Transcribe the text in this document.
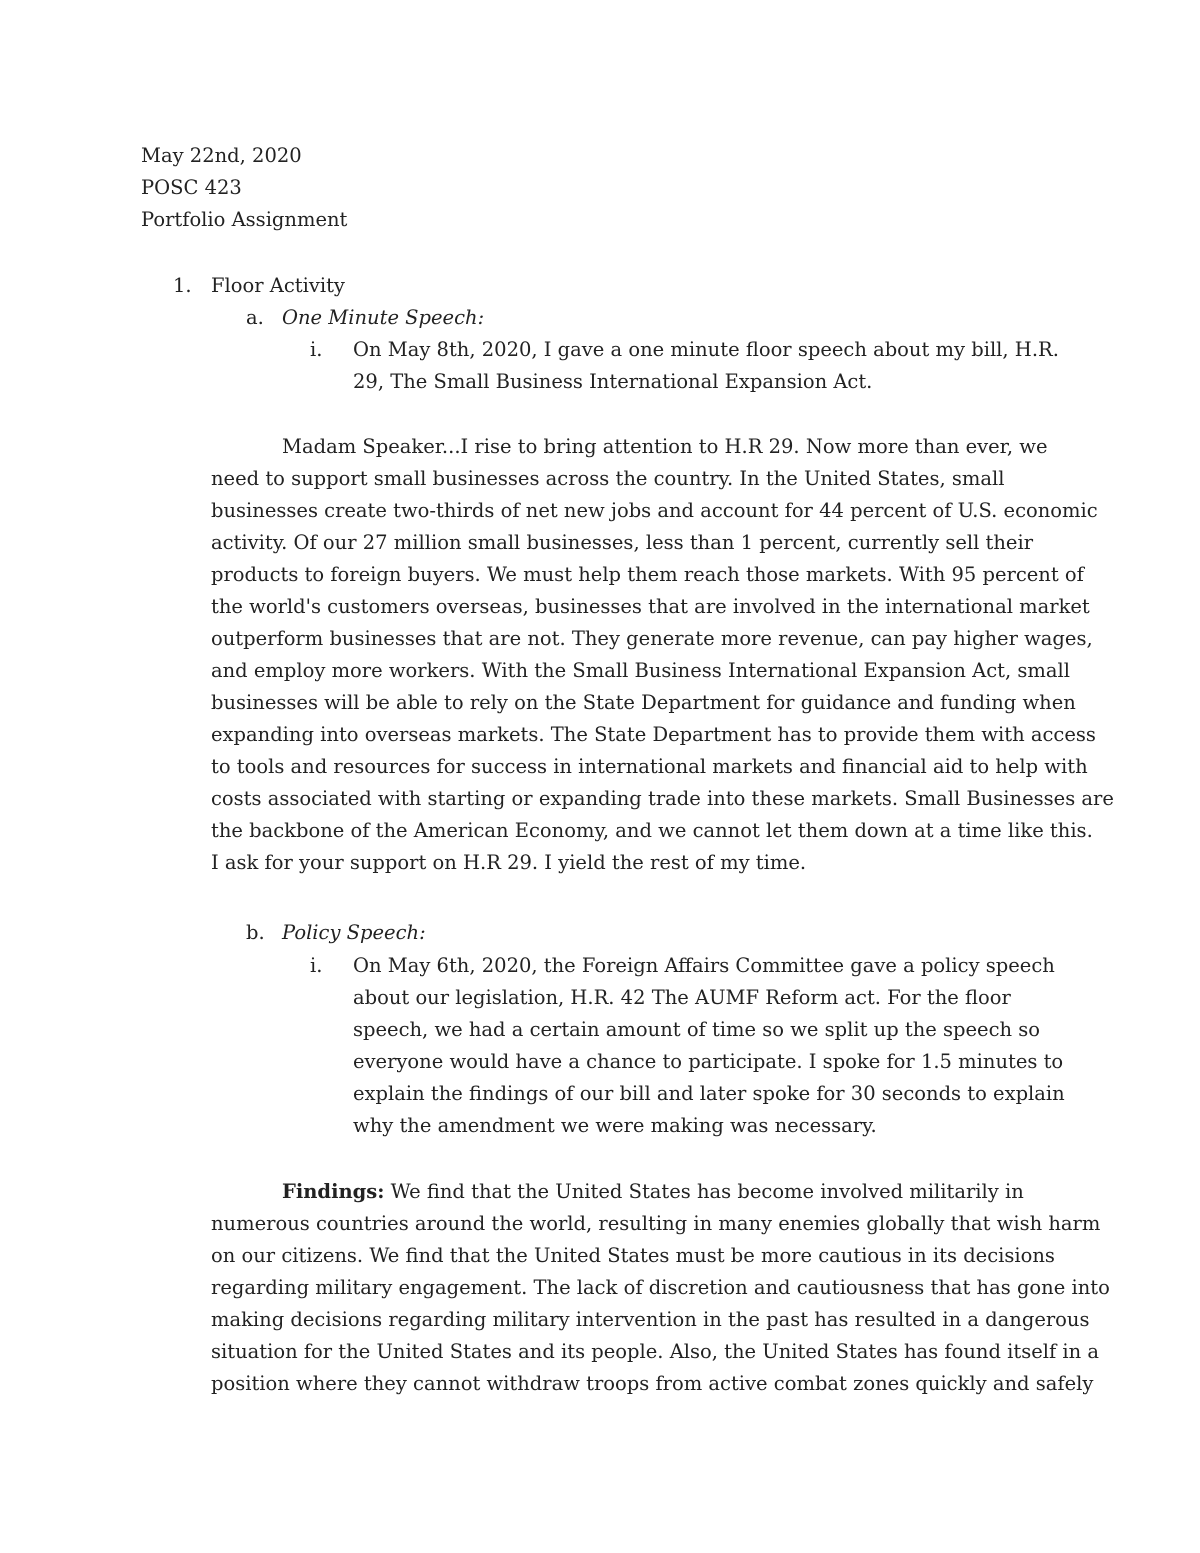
May 22nd, 2020
POSC 423
Portfolio Assignment
1. Floor Activity
a. One Minute Speech:
i. On May 8th, 2020, I gave a one minute floor speech about my bill, H.R.
29, The Small Business International Expansion Act.
Madam Speaker...I rise to bring attention to H.R 29. Now more than ever, we
need to support small businesses across the country. In the United States, small
businesses create two-thirds of net new jobs and account for 44 percent of U.S. economic
activity. Of our 27 million small businesses, less than 1 percent, currently sell their
products to foreign buyers. We must help them reach those markets. With 95 percent of
the world's customers overseas, businesses that are involved in the international market
outperform businesses that are not. They generate more revenue, can pay higher wages,
and employ more workers. With the Small Business International Expansion Act, small
businesses will be able to rely on the State Department for guidance and funding when
expanding into overseas markets. The State Department has to provide them with access
to tools and resources for success in international markets and financial aid to help with
costs associated with starting or expanding trade into these markets. Small Businesses are
the backbone of the American Economy, and we cannot let them down at a time like this.
I ask for your support on H.R 29. I yield the rest of my time.
b. Policy Speech:
i. On May 6th, 2020, the Foreign Affairs Committee gave a policy speech
about our legislation, H.R. 42 The AUMF Reform act. For the floor
speech, we had a certain amount of time so we split up the speech so
everyone would have a chance to participate. I spoke for 1.5 minutes to
explain the findings of our bill and later spoke for 30 seconds to explain
why the amendment we were making was necessary.
Findings: We find that the United States has become involved militarily in
numerous countries around the world, resulting in many enemies globally that wish harm
on our citizens. We find that the United States must be more cautious in its decisions
regarding military engagement. The lack of discretion and cautiousness that has gone into
making decisions regarding military intervention in the past has resulted in a dangerous
situation for the United States and its people. Also, the United States has found itself in a
position where they cannot withdraw troops from active combat zones quickly and safely
